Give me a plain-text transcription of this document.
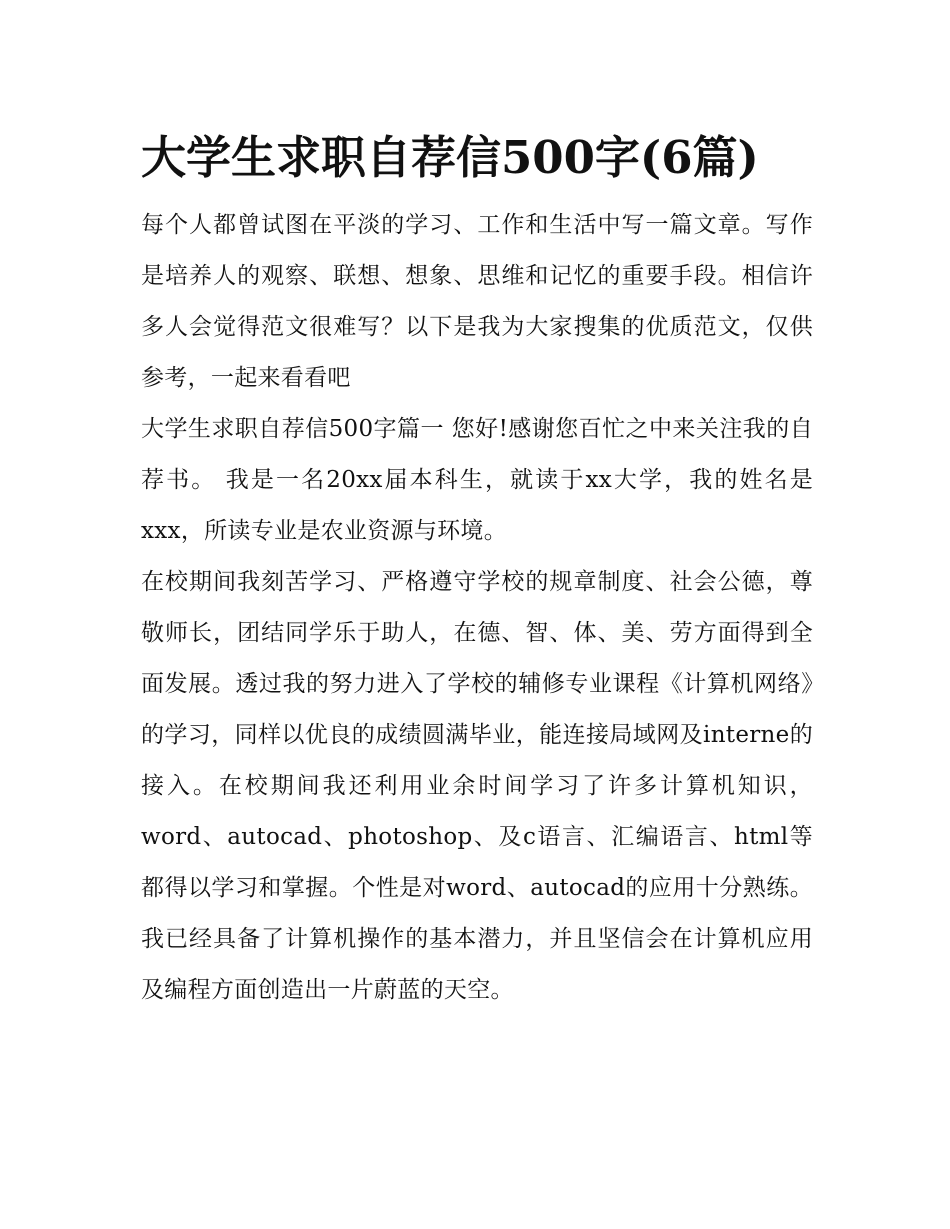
大学生求职自荐信500字(6篇)

每个人都曾试图在平淡的学习、工作和生活中写一篇文章。写作是培养人的观察、联想、想象、思维和记忆的重要手段。相信许多人会觉得范文很难写？以下是我为大家搜集的优质范文，仅供参考，一起来看看吧

大学生求职自荐信500字篇一 您好!感谢您百忙之中来关注我的自荐书。 我是一名20xx届本科生，就读于xx大学，我的姓名是xxx，所读专业是农业资源与环境。

在校期间我刻苦学习、严格遵守学校的规章制度、社会公德，尊敬师长，团结同学乐于助人，在德、智、体、美、劳方面得到全面发展。透过我的努力进入了学校的辅修专业课程《计算机网络》的学习，同样以优良的成绩圆满毕业，能连接局域网及interne的接入。在校期间我还利用业余时间学习了许多计算机知识，word、autocad、photoshop、及c语言、汇编语言、html等都得以学习和掌握。个性是对word、autocad的应用十分熟练。我已经具备了计算机操作的基本潜力，并且坚信会在计算机应用及编程方面创造出一片蔚蓝的天空。
